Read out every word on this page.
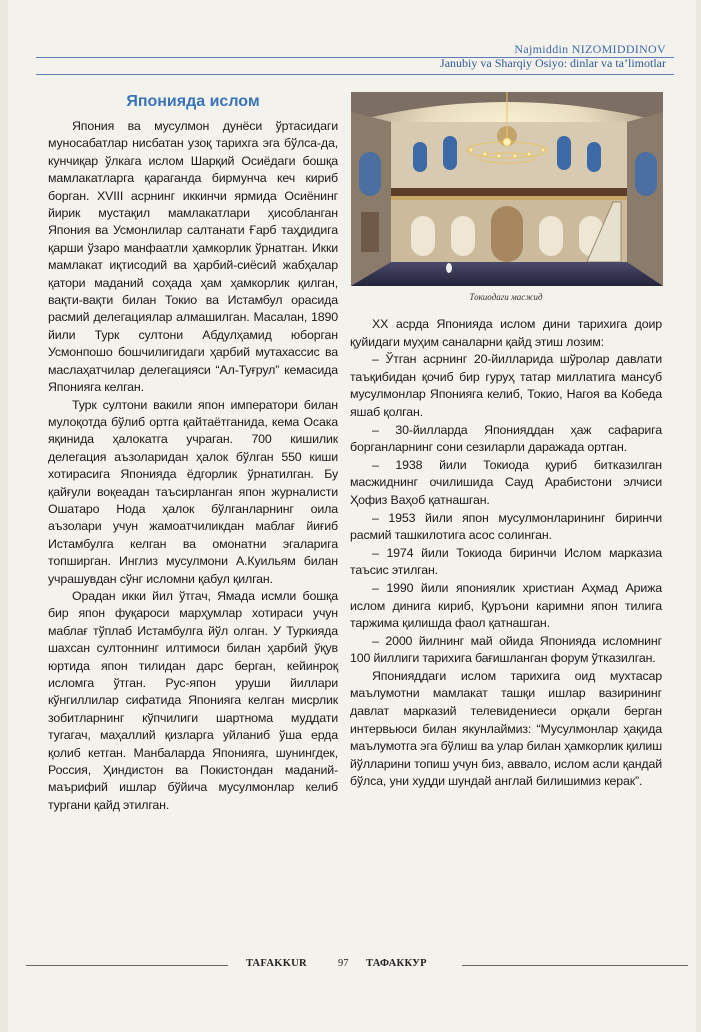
Najmiddin NIZOMIDDINOV
Janubiy va Sharqiy Osiyo: dinlar va ta’limotlar
Японияда ислом

Япония ва мусулмон дунёси ўртасидаги муносабатлар нисбатан узоқ тарихга эга бўлса-да, кунчиқар ўлкага ислом Шарқий Осиёдаги бошқа мамлакатларга қараганда бирмунча кеч кириб борган. XVIII асрнинг иккинчи ярмида Осиёнинг йирик мустақил мамлакатлари ҳисобланган Япония ва Усмонлилар салтанати Ғарб таҳдидига қарши ўзаро манфаатли ҳамкорлик ўрнатган. Икки мамлакат иқтисодий ва ҳарбий-сиёсий жабҳалар қатори маданий соҳада ҳам ҳамкорлик қилган, вақти-вақти билан Токио ва Истамбул орасида расмий делегациялар алмашилган. Масалан, 1890 йили Турк султони Абдулҳамид юборган Усмонпошо бошчилигидаги ҳарбий мутахассис ва маслаҳатчилар делегацияси “Ал-Туғрул” кемасида Японияга келган.

Турк султони вакили япон императори билан мулоқотда бўлиб ортга қайтаётганида, кема Осака яқинида ҳалокатга учраган. 700 кишилик делегация аъзоларидан ҳалок бўлган 550 киши хотирасига Японияда ёдгорлик ўрнатилган. Бу қайғули воқеадан таъсирланган япон журналисти Ошатаро Нода ҳалок бўлганларнинг оила аъзолари учун жамоатчиликдан маблағ йиғиб Истамбулга келган ва омонатни эгаларига топширган. Инглиз мусулмони А.Куильям билан учрашувдан сўнг исломни қабул қилган.

Орадан икки йил ўтгач, Ямада исмли бошқа бир япон фуқароси марҳумлар хотираси учун маблағ тўплаб Истамбулга йўл олган. У Туркияда шахсан султоннинг илтимоси билан ҳарбий ўқув юртида япон тилидан дарс берган, кейинроқ исломга ўтган. Рус-япон уруши йиллари кўнгиллилар сифатида Японияга келган мисрлик зобитларнинг кўпчилиги шартнома муддати тугагач, маҳаллий қизларга уйланиб ўша ерда қолиб кетган. Манбаларда Японияга, шунингдек, Россия, Ҳиндистон ва Покистондан маданий-маърифий ишлар бўйича мусулмонлар келиб тургани қайд этилган.

Токиодаги масжид

XX асрда Японияда ислом дини тарихига доир қуйидаги муҳим саналарни қайд этиш лозим:

– Ўтган асрнинг 20-йилларида шўролар давлати таъқибидан қочиб бир гуруҳ татар миллатига мансуб мусулмонлар Японияга келиб, Токио, Нагоя ва Кобеда яшаб қолган.

– 30-йилларда Японияддан ҳаж сафарига борганларнинг сони сезиларли даражада ортган.

– 1938 йили Токиода қуриб битказилган масжиднинг очилишида Сауд Арабистони элчиси Ҳофиз Ваҳоб қатнашган.

– 1953 йили япон мусулмонларининг биринчи расмий ташкилотига асос солинган.

– 1974 йили Токиода биринчи Ислом марказиа таъсис этилган.

– 1990 йили япониялик христиан Аҳмад Арижа ислом динига кириб, Қуръони каримни япон тилига таржима қилишда фаол қатнашган.

– 2000 йилнинг май ойида Японияда исломнинг 100 йиллиги тарихига бағишланган форум ўтказилган.

Японияддаги ислом тарихига оид мухтасар маълумотни мамлакат ташқи ишлар вазирининг давлат марказий телевидениеси орқали берган интервьюси билан якунлаймиз: “Мусулмонлар ҳақида маълумотга эга бўлиш ва улар билан ҳамкорлик қилиш йўлларини топиш учун биз, аввало, ислом асли қандай бўлса, уни худди шундай англай билишимиз керак”.

TAFAKKUR	97 ТАФАККУР
